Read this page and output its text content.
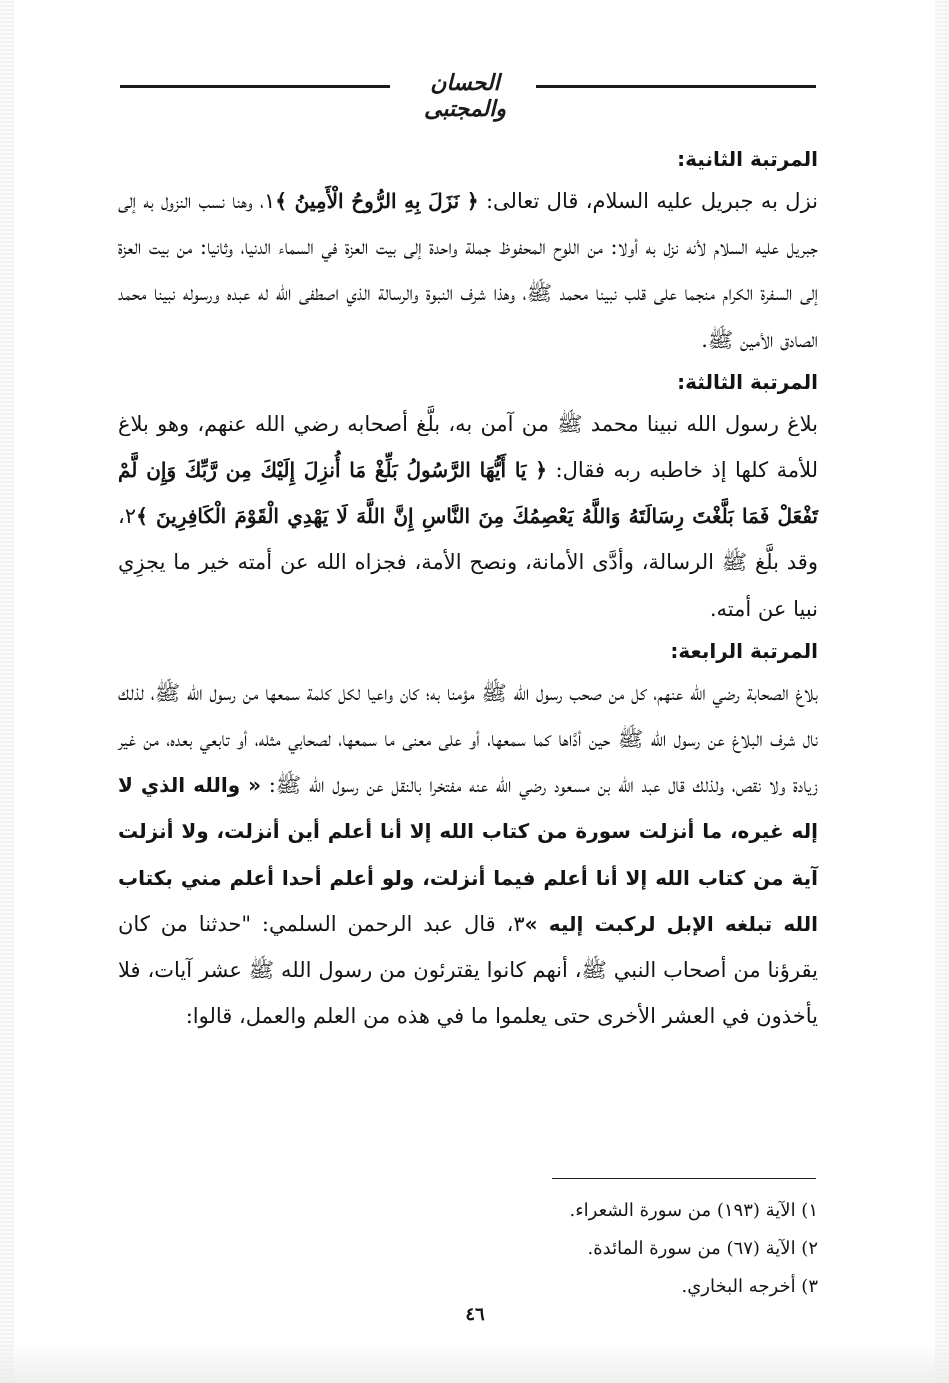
الحسان والمجتبى

المرتبة الثانية:

نزل به جبريل عليه السلام، قال تعالى: ﴿ نَزَلَ بِهِ الرُّوحُ الْأَمِينُ ﴾١، وهنا نسب النزول به إلى جبريل عليه السلام لأنه نزل به أولا: من اللوح المحفوظ جملة واحدة إلى بيت العزة في السماء الدنيا، وثانيا: من بيت العزة إلى السفرة الكرام منجما على قلب نبينا محمد ﷺ، وهذا شرف النبوة والرسالة الذي اصطفى الله له عبده ورسوله نبينا محمد الصادق الأمين ﷺ.

المرتبة الثالثة:

بلاغ رسول الله نبينا محمد ﷺ من آمن به، بلَّغ أصحابه رضي الله عنهم، وهو بلاغ للأمة كلها إذ خاطبه ربه فقال: ﴿ يَا أَيُّهَا الرَّسُولُ بَلِّغْ مَا أُنزِلَ إِلَيْكَ مِن رَّبِّكَ وَإِن لَّمْ تَفْعَلْ فَمَا بَلَّغْتَ رِسَالَتَهُ وَاللَّهُ يَعْصِمُكَ مِنَ النَّاسِ إِنَّ اللَّهَ لَا يَهْدِي الْقَوْمَ الْكَافِرِينَ ﴾٢، وقد بلَّغ ﷺ الرسالة، وأدَّى الأمانة، ونصح الأمة، فجزاه الله عن أمته خير ما يجزِي نبيا عن أمته.

المرتبة الرابعة:

بلاغ الصحابة رضي الله عنهم، كل من صحب رسول الله ﷺ مؤمنا به؛ كان واعيا لكل كلمة سمعها من رسول الله ﷺ، لذلك نال شرف البلاغ عن رسول الله ﷺ حين أدَّاها كما سمعها، أو على معنى ما سمعها، لصحابي مثله، أو تابعي بعده، من غير زيادة ولا نقص، ولذلك قال عبد الله بن مسعود رضي الله عنه مفتخرا بالنقل عن رسول الله ﷺ: « والله الذي لا إله غيره، ما أنزلت سورة من كتاب الله إلا أنا أعلم أين أنزلت، ولا أنزلت آية من كتاب الله إلا أنا أعلم فيما أنزلت، ولو أعلم أحدا أعلم مني بكتاب الله تبلغه الإبل لركبت إليه »٣، قال عبد الرحمن السلمي: "حدثنا من كان يقرؤنا من أصحاب النبي ﷺ، أنهم كانوا يقترئون من رسول الله ﷺ عشر آيات، فلا يأخذون في العشر الأخرى حتى يعلموا ما في هذه من العلم والعمل، قالوا:

١) الآية (١٩٣) من سورة الشعراء.
٢) الآية (٦٧) من سورة المائدة.
٣) أخرجه البخاري.
٤٦
